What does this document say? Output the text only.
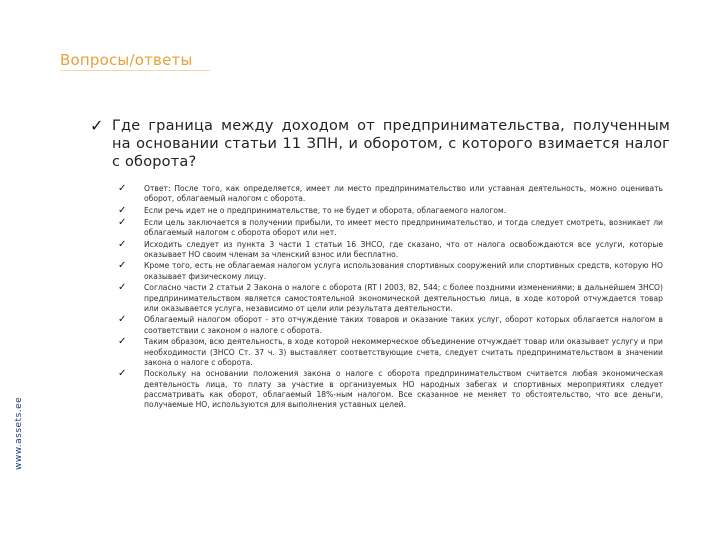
Вопросы/ответы
www.assets.ee
✓ Где граница между доходом от предпринимательства, полученным на основании статьи 11 ЗПН, и оборотом, с которого взимается налог с оборота?
✓	Ответ: После того, как определяется, имеет ли место предпринимательство или уставная деятельность, можно оценивать оборот, облагаемый налогом с оборота.
✓	Если речь идет не о предпринимательстве, то не будет и оборота, облагаемого налогом.
✓	Если цель заключается в получении прибыли, то имеет место предпринимательство, и тогда следует смотреть, возникает ли облагаемый налогом с оборота оборот или нет.
✓	Исходить следует из пункта 3 части 1 статьи 16 ЗНСО, где сказано, что от налога освобождаются все услуги, которые оказывает НО своим членам за членский взнос или бесплатно.
✓	Кроме того, есть не облагаемая налогом услуга использования спортивных сооружений или спортивных средств, которую НО оказывает физическому лицу.
✓	Согласно части 2 статьи 2 Закона о налоге с оборота (RT I 2003, 82, 544; с более поздними изменениями; в дальнейшем ЗНСО) предпринимательством является самостоятельной экономической деятельностью лица, в ходе которой отчуждается товар или оказывается услуга, независимо от цели или результата деятельности.
✓	Облагаемый налогом оборот - это отчуждение таких товаров и оказание таких услуг, оборот которых облагается налогом в соответствии с законом о налоге с оборота.
✓	Таким образом, всю деятельность, в ходе которой некоммерческое объединение отчуждает товар или оказывает услугу и при необходимости (ЗНСО Ст. 37 ч. 3) выставляет соответствующие счета, следует считать предпринимательством в значении закона о налоге с оборота.
✓	Поскольку на основании положения закона о налоге с оборота предпринимательством считается любая экономическая деятельность лица, то плату за участие в организуемых НО народных забегах и спортивных мероприятиях следует рассматривать как оборот, облагаемый 18%-ным налогом. Все сказанное не меняет то обстоятельство, что все деньги, получаемые НО, используются для выполнения уставных целей.
